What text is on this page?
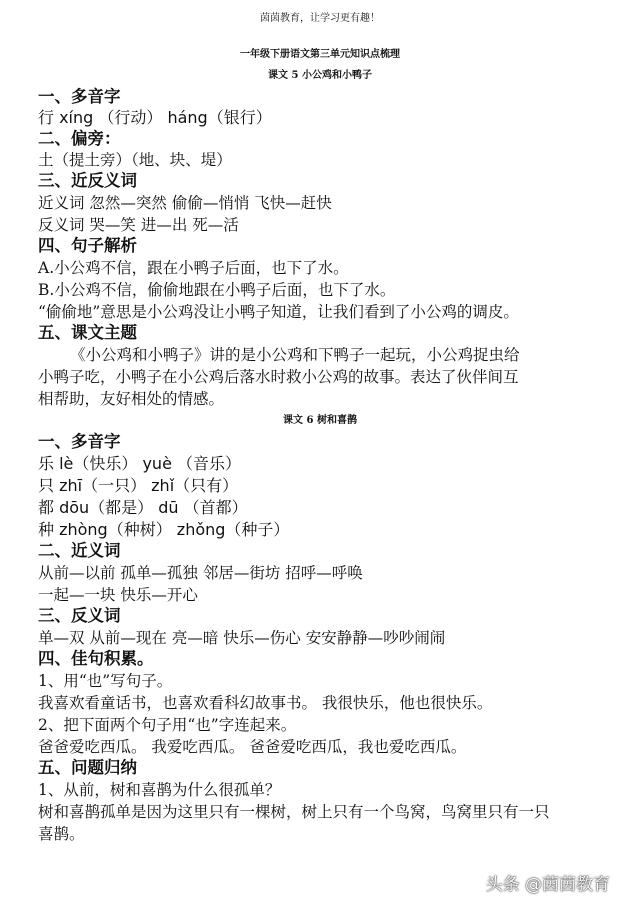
茵茵教育，让学习更有趣！
一年级下册语文第三单元知识点梳理
课文 5 小公鸡和小鸭子
一、多音字
行 xíng （行动） háng（银行）
二、偏旁：
土（提土旁）（地、块、堤）
三、近反义词
近义词 忽然—突然 偷偷—悄悄 飞快—赶快
反义词 哭—笑 进—出 死—活
四、句子解析
A.小公鸡不信，跟在小鸭子后面，也下了水。
B.小公鸡不信，偷偷地跟在小鸭子后面，也下了水。
“偷偷地”意思是小公鸡没让小鸭子知道，让我们看到了小公鸡的调皮。
五、课文主题
《小公鸡和小鸭子》讲的是小公鸡和下鸭子一起玩，小公鸡捉虫给
小鸭子吃，小鸭子在小公鸡后落水时救小公鸡的故事。表达了伙伴间互
相帮助，友好相处的情感。
课文 6 树和喜鹊
一、多音字
乐 lè（快乐） yuè （音乐）
只 zhī（一只） zhǐ（只有）
都 dōu（都是） dū （首都）
种 zhòng（种树） zhǒng（种子）
二、近义词
从前—以前 孤单—孤独 邻居—街坊 招呼—呼唤
一起—一块 快乐—开心
三、反义词
单—双 从前—现在 亮—暗 快乐—伤心 安安静静—吵吵闹闹
四、佳句积累。
1、用“也”写句子。
我喜欢看童话书，也喜欢看科幻故事书。 我很快乐，他也很快乐。
2、把下面两个句子用“也”字连起来。
爸爸爱吃西瓜。 我爱吃西瓜。 爸爸爱吃西瓜，我也爱吃西瓜。
五、问题归纳
1、从前，树和喜鹊为什么很孤单？
树和喜鹊孤单是因为这里只有一棵树，树上只有一个鸟窝，鸟窝里只有一只
喜鹊。
头条 @茵茵教育
